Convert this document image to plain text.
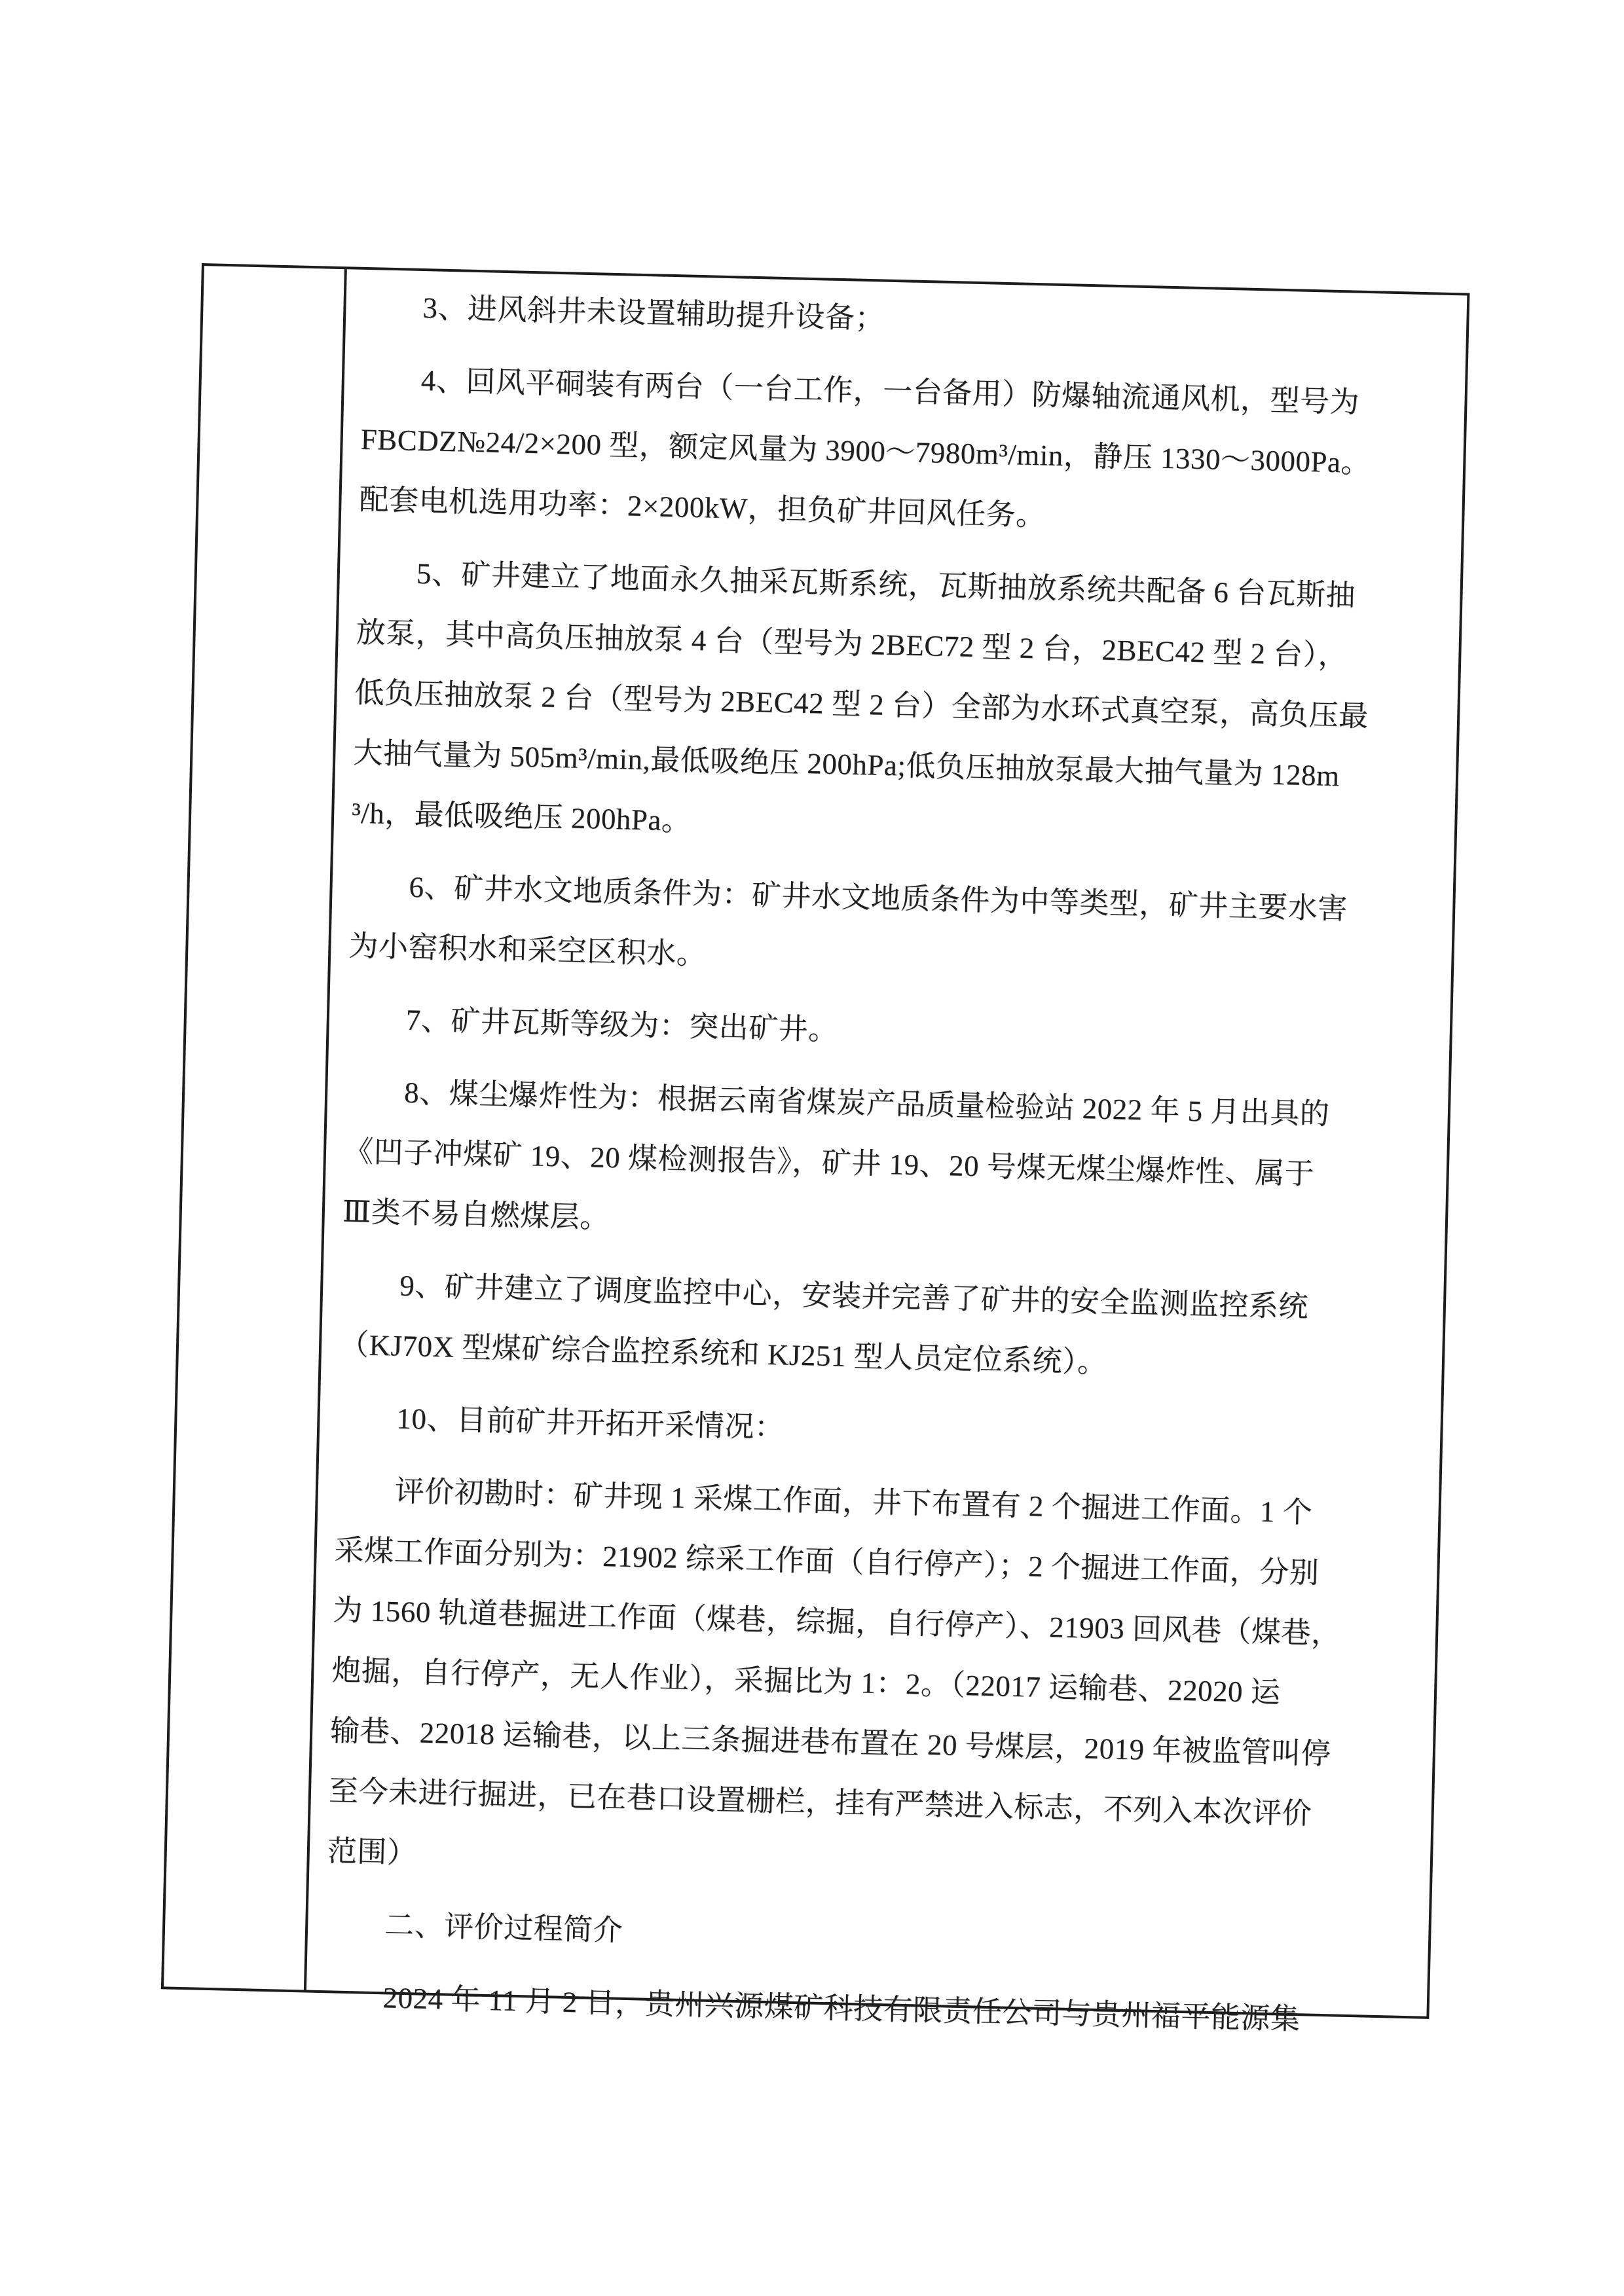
3、进风斜井未设置辅助提升设备；

4、回风平硐装有两台（一台工作，一台备用）防爆轴流通风机，型号为
FBCDZ№24/2×200 型，额定风量为 3900～7980m³/min，静压 1330～3000Pa。
配套电机选用功率：2×200kW，担负矿井回风任务。

5、矿井建立了地面永久抽采瓦斯系统，瓦斯抽放系统共配备 6 台瓦斯抽
放泵，其中高负压抽放泵 4 台（型号为 2BEC72 型 2 台，2BEC42 型 2 台），
低负压抽放泵 2 台（型号为 2BEC42 型 2 台）全部为水环式真空泵，高负压最
大抽气量为 505m³/min,最低吸绝压 200hPa;低负压抽放泵最大抽气量为 128m
³/h，最低吸绝压 200hPa。

6、矿井水文地质条件为：矿井水文地质条件为中等类型，矿井主要水害
为小窑积水和采空区积水。

7、矿井瓦斯等级为：突出矿井。

8、煤尘爆炸性为：根据云南省煤炭产品质量检验站 2022 年 5 月出具的
《凹子冲煤矿 19、20 煤检测报告》，矿井 19、20 号煤无煤尘爆炸性、属于
Ⅲ类不易自燃煤层。

9、矿井建立了调度监控中心，安装并完善了矿井的安全监测监控系统
（KJ70X 型煤矿综合监控系统和 KJ251 型人员定位系统）。

10、目前矿井开拓开采情况：

评价初勘时：矿井现 1 采煤工作面，井下布置有 2 个掘进工作面。1 个
采煤工作面分别为：21902 综采工作面（自行停产）；2 个掘进工作面，分别
为 1560 轨道巷掘进工作面（煤巷，综掘，自行停产）、21903 回风巷（煤巷，
炮掘，自行停产，无人作业），采掘比为 1：2。（22017 运输巷、22020 运
输巷、22018 运输巷，以上三条掘进巷布置在 20 号煤层，2019 年被监管叫停
至今未进行掘进，已在巷口设置栅栏，挂有严禁进入标志，不列入本次评价
范围）

二、评价过程简介

2024 年 11 月 2 日，贵州兴源煤矿科技有限责任公司与贵州福平能源集
